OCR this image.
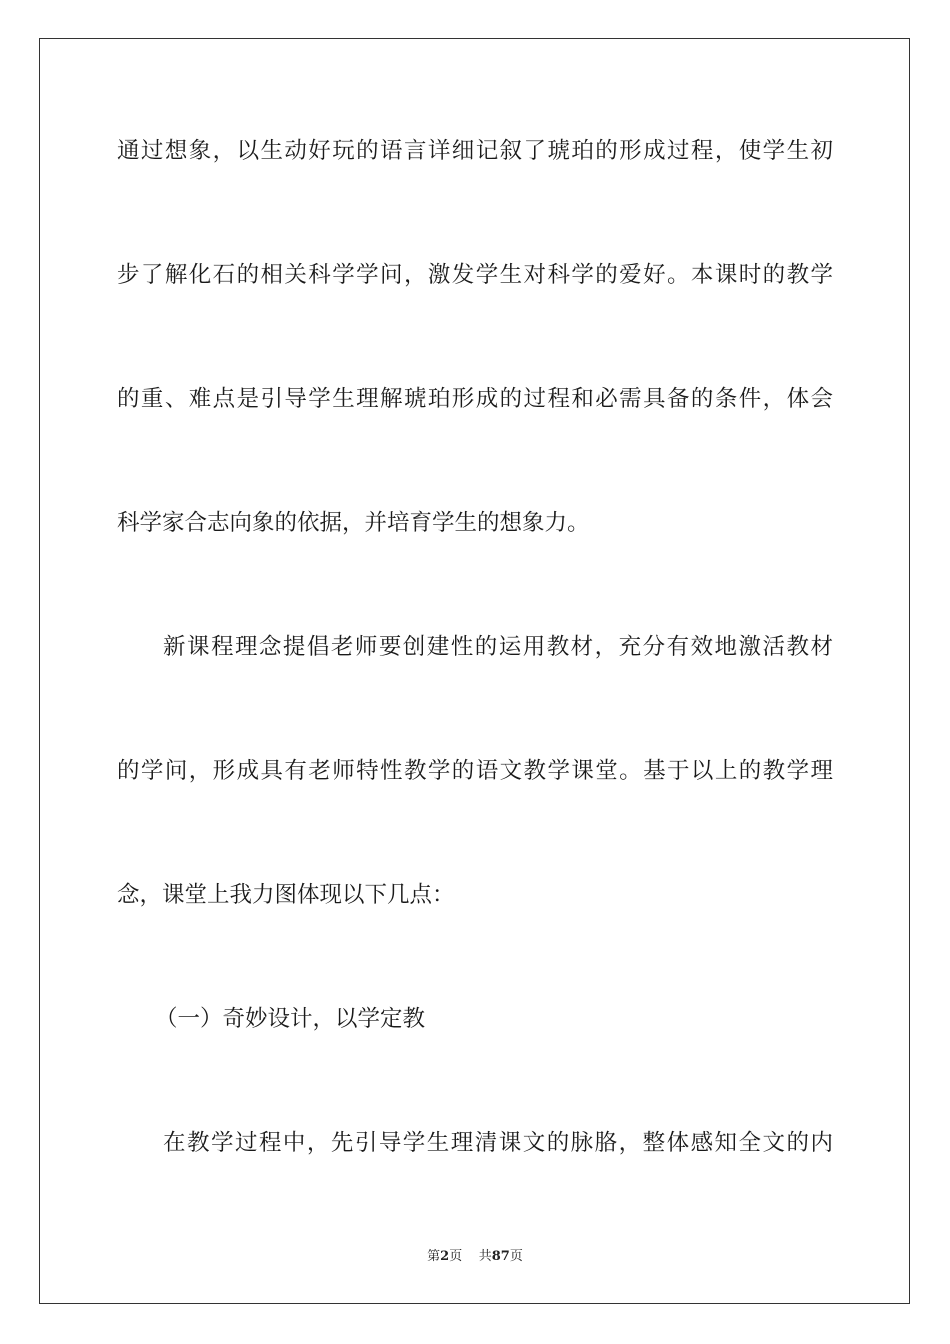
通过想象，以生动好玩的语言详细记叙了琥珀的形成过程，使学生初
步了解化石的相关科学学问，激发学生对科学的爱好。本课时的教学
的重、难点是引导学生理解琥珀形成的过程和必需具备的条件，体会
科学家合志向象的依据，并培育学生的想象力。
新课程理念提倡老师要创建性的运用教材，充分有效地激活教材
的学问，形成具有老师特性教学的语文教学课堂。基于以上的教学理
念，课堂上我力图体现以下几点：
（一）奇妙设计，以学定教
在教学过程中，先引导学生理清课文的脉胳，整体感知全文的内
第2页 共87页
